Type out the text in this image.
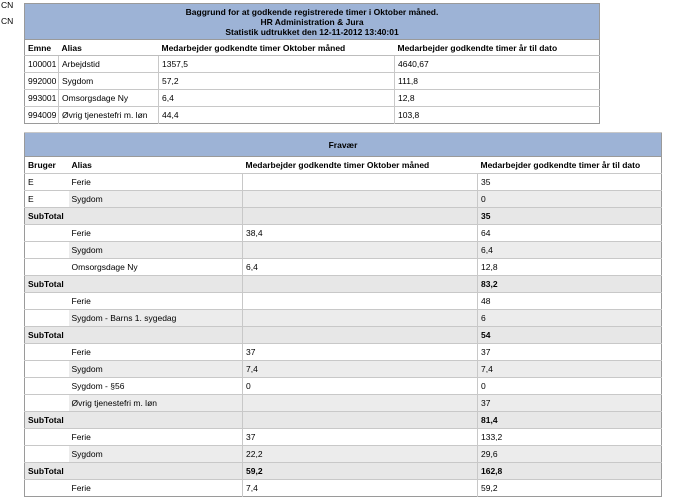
CN
CN
Baggrund for at godkende registrerede timer i Oktober måned.
HR Administration & Jura
Statistik udtrukket den 12-11-2012 13:40:01			

Emne	Alias	Medarbejder godkendte timer Oktober måned	Medarbejder godkendte timer år til dato
100001	Arbejdstid	1357,5	4640,67
992000	Sygdom	57,2	111,8
993001	Omsorgsdage Ny	6,4	12,8
994009	Øvrig tjenestefri m. løn	44,4	103,8
Fravær			
Bruger	Alias	Medarbejder godkendte timer Oktober måned	Medarbejder godkendte timer år til dato
E	Ferie		35
E	Sygdom		0
SubTotal			35
	Ferie	38,4	64
	Sygdom		6,4
	Omsorgsdage Ny	6,4	12,8
SubTotal			83,2
	Ferie		48
	Sygdom - Barns 1. sygedag		6
SubTotal			54
	Ferie	37	37
	Sygdom	7,4	7,4
	Sygdom - §56	0	0
	Øvrig tjenestefri m. løn		37
SubTotal			81,4
	Ferie	37	133,2
	Sygdom	22,2	29,6
SubTotal		59,2	162,8
	Ferie	7,4	59,2
